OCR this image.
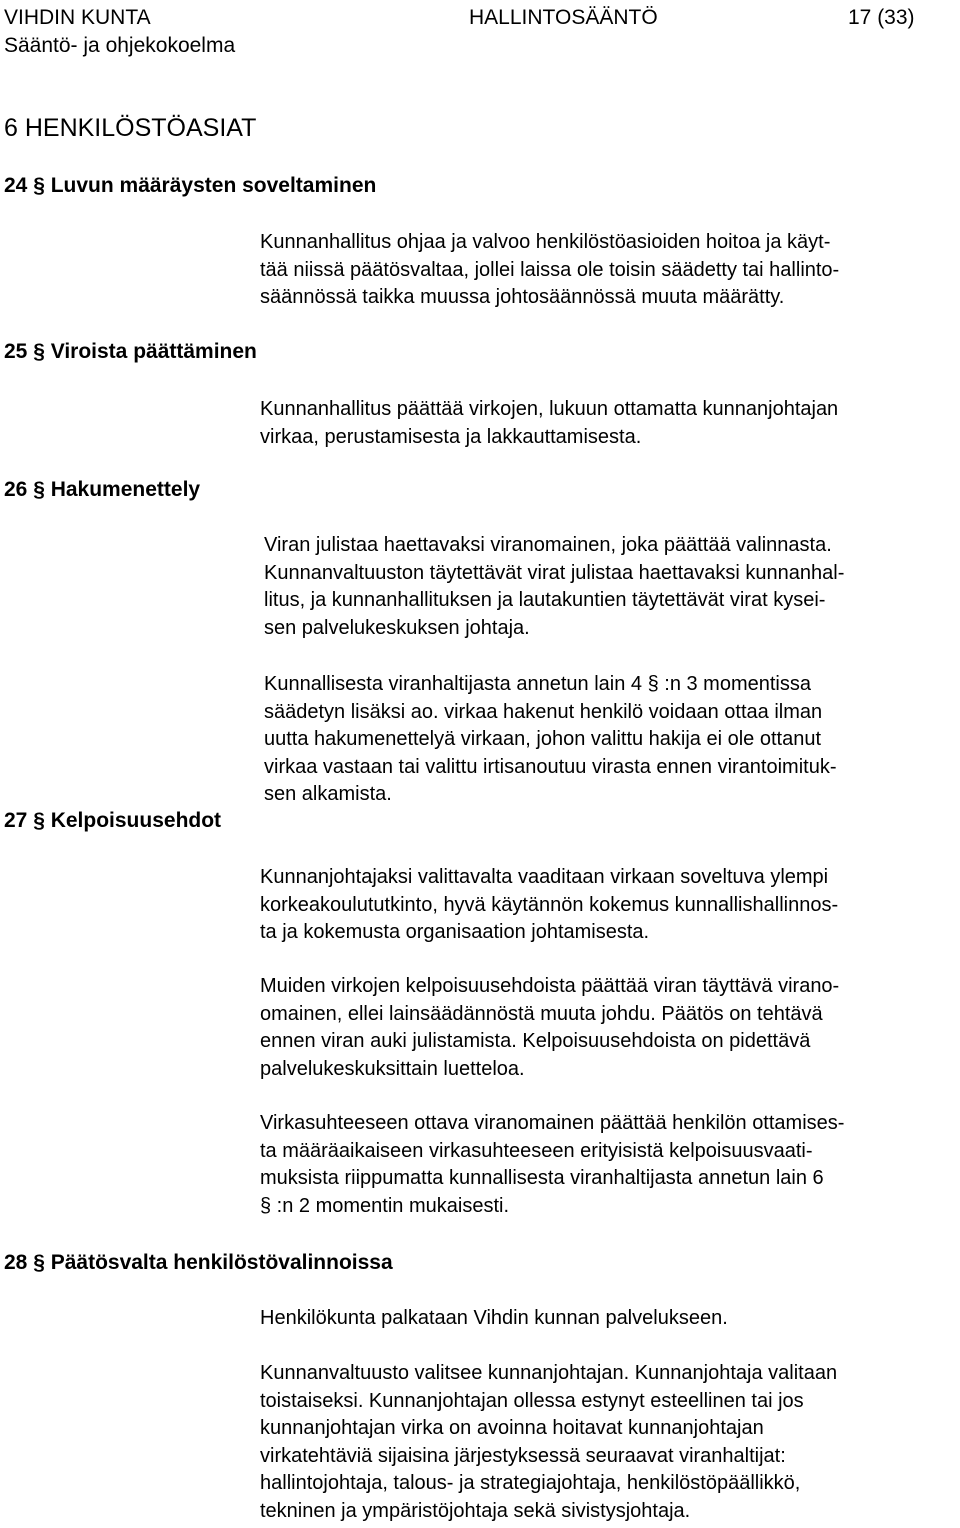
VIHDIN KUNTA
Sääntö- ja ohjekokoelma
HALLINTOSÄÄNTÖ	17 (33)
6 HENKILÖSTÖASIAT
24 § Luvun määräysten soveltaminen
Kunnanhallitus ohjaa ja valvoo henkilöstöasioiden hoitoa ja käyt-
tää niissä päätösvaltaa, jollei laissa ole toisin säädetty tai hallinto-
säännössä taikka muussa johtosäännössä muuta määrätty.
25 § Viroista päättäminen
Kunnanhallitus päättää virkojen, lukuun ottamatta kunnanjohtajan
virkaa, perustamisesta ja lakkauttamisesta.
26 § Hakumenettely
Viran julistaa haettavaksi viranomainen, joka päättää valinnasta.
Kunnanvaltuuston täytettävät virat julistaa haettavaksi kunnanhal-
litus, ja kunnanhallituksen ja lautakuntien täytettävät virat kysei-
sen palvelukeskuksen johtaja.
Kunnallisesta viranhaltijasta annetun lain 4 § :n 3 momentissa
säädetyn lisäksi ao. virkaa hakenut henkilö voidaan ottaa ilman
uutta hakumenettelyä virkaan, johon valittu hakija ei ole ottanut
virkaa vastaan tai valittu irtisanoutuu virasta ennen virantoimituk-
sen alkamista.
27 § Kelpoisuusehdot
Kunnanjohtajaksi valittavalta vaaditaan virkaan soveltuva ylempi
korkeakoulututkinto, hyvä käytännön kokemus kunnallishallinnos-
ta ja kokemusta organisaation johtamisesta.
Muiden virkojen kelpoisuusehdoista päättää viran täyttävä virano-
omainen, ellei lainsäädännöstä muuta johdu. Päätös on tehtävä
ennen viran auki julistamista. Kelpoisuusehdoista on pidettävä
palvelukeskuksittain luetteloa.
Virkasuhteeseen ottava viranomainen päättää henkilön ottamises-
ta määräaikaiseen virkasuhteeseen erityisistä kelpoisuusvaati-
muksista riippumatta kunnallisesta viranhaltijasta annetun lain 6
§ :n 2 momentin mukaisesti.
28 § Päätösvalta henkilöstövalinnoissa
Henkilökunta palkataan Vihdin kunnan palvelukseen.
Kunnanvaltuusto valitsee kunnanjohtajan. Kunnanjohtaja valitaan
toistaiseksi. Kunnanjohtajan ollessa estynyt esteellinen tai jos
kunnanjohtajan virka on avoinna hoitavat kunnanjohtajan
virkatehtäviä sijaisina järjestyksessä seuraavat viranhaltijat:
hallintojohtaja, talous- ja strategiajohtaja, henkilöstöpäällikkö,
tekninen ja ympäristöjohtaja sekä sivistysjohtaja.
